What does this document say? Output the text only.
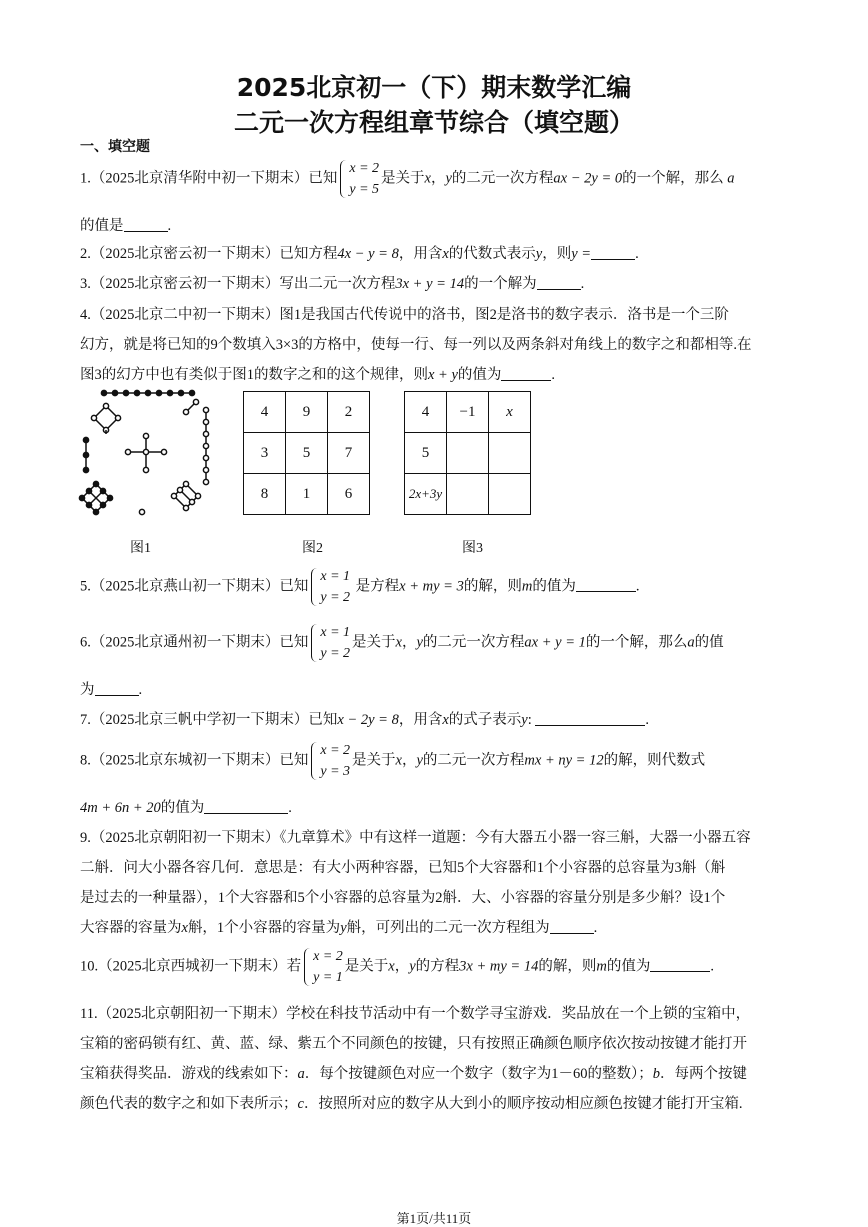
2025北京初一（下）期末数学汇编
二元一次方程组章节综合（填空题）
一、填空题
1.（2025北京清华附中初一下期末）已知
x = 2
y = 5
是关于x，y的二元一次方程ax − 2y = 0的一个解，那么 a
的值是	.
2.（2025北京密云初一下期末）已知方程4x − y = 8，用含x的代数式表示y，则y =	.
3.（2025北京密云初一下期末）写出二元一次方程3x + y = 14的一个解为	.
4.（2025北京二中初一下期末）图1是我国古代传说中的洛书，图2是洛书的数字表示．洛书是一个三阶
幻方，就是将已知的9个数填入3×3的方格中，使每一行、每一列以及两条斜对角线上的数字之和都相等.在
图3的幻方中也有类似于图1的数字之和的这个规律，则x + y的值为	.
4	9	2
3	5	7
8	1	6
4	−1	x
5		
2x+3y		
图1	图2	图3
5.（2025北京燕山初一下期末）已知
x = 1
y = 2
是方程x + my = 3的解，则m的值为	.
6.（2025北京通州初一下期末）已知
x = 1
y = 2
是关于x，y的二元一次方程ax + y = 1的一个解，那么a的值
为	.
7.（2025北京三帆中学初一下期末）已知x − 2y = 8，用含x的式子表示y:	.
8.（2025北京东城初一下期末）已知
x = 2
y = 3
是关于x，y的二元一次方程mx + ny = 12的解，则代数式
4m + 6n + 20的值为	.
9.（2025北京朝阳初一下期末）《九章算术》中有这样一道题：今有大器五小器一容三斛，大器一小器五容
二斛．问大小器各容几何．意思是：有大小两种容器，已知5个大容器和1个小容器的总容量为3斛（斛
是过去的一种量器），1个大容器和5个小容器的总容量为2斛．大、小容器的容量分别是多少斛？设1个
大容器的容量为x斛，1个小容器的容量为y斛，可列出的二元一次方程组为	.
10.（2025北京西城初一下期末）若
x = 2
y = 1
是关于x，y的方程3x + my = 14的解，则m的值为	.
11.（2025北京朝阳初一下期末）学校在科技节活动中有一个数学寻宝游戏．奖品放在一个上锁的宝箱中，
宝箱的密码锁有红、黄、蓝、绿、紫五个不同颜色的按键，只有按照正确颜色顺序依次按动按键才能打开
宝箱获得奖品．游戏的线索如下：a．每个按键颜色对应一个数字（数字为1－60的整数）；b．每两个按键
颜色代表的数字之和如下表所示；c．按照所对应的数字从大到小的顺序按动相应颜色按键才能打开宝箱.
第1页/共11页
